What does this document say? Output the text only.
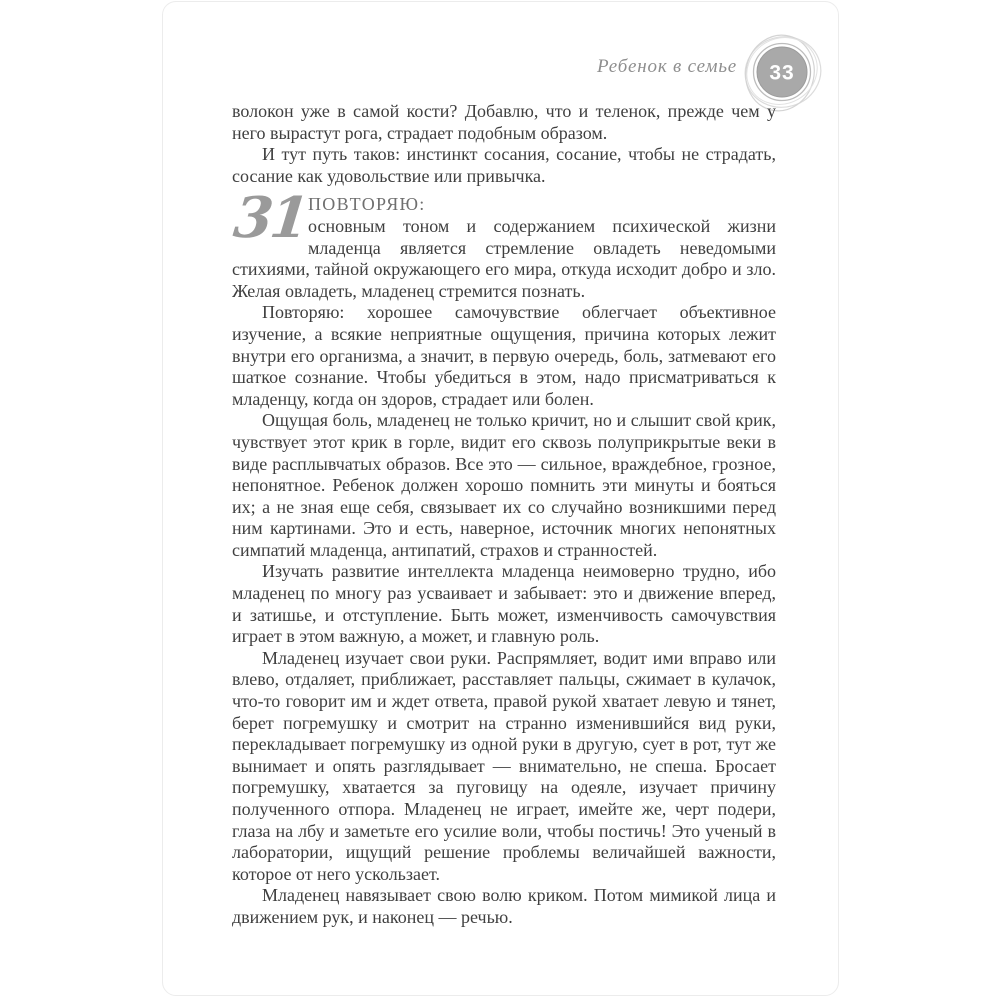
Ребенок в семье 33

волокон уже в самой кости? Добавлю, что и теленок, прежде чем у него вырастут рога, страдает подобным образом.

И тут путь таков: инстинкт сосания, сосание, чтобы не страдать, сосание как удовольствие или привычка.

31

ПОВТОРЯЮ:

основным тоном и содержанием психической жизни младенца является стремление овладеть неведомыми стихиями, тайной окружающего его мира, откуда исходит добро и зло. Желая овладеть, младенец стремится познать.

Повторяю: хорошее самочувствие облегчает объективное изучение, а всякие неприятные ощущения, причина которых лежит внутри его организма, а значит, в первую очередь, боль, затмевают его шаткое сознание. Чтобы убедиться в этом, надо присматриваться к младенцу, когда он здоров, страдает или болен.

Ощущая боль, младенец не только кричит, но и слышит свой крик, чувствует этот крик в горле, видит его сквозь полуприкрытые веки в виде расплывчатых образов. Все это — сильное, враждебное, грозное, непонятное. Ребенок должен хорошо помнить эти минуты и бояться их; а не зная еще себя, связывает их со случайно возникшими перед ним картинами. Это и есть, наверное, источник многих непонятных симпатий младенца, антипатий, страхов и странностей.

Изучать развитие интеллекта младенца неимоверно трудно, ибо младенец по многу раз усваивает и забывает: это и движение вперед, и затишье, и отступление. Быть может, изменчивость самочувствия играет в этом важную, а может, и главную роль.

Младенец изучает свои руки. Распрямляет, водит ими вправо или влево, отдаляет, приближает, расставляет пальцы, сжимает в кулачок, что-то говорит им и ждет ответа, правой рукой хватает левую и тянет, берет погремушку и смотрит на странно изменившийся вид руки, перекладывает погремушку из одной руки в другую, сует в рот, тут же вынимает и опять разглядывает — внимательно, не спеша. Бросает погремушку, хватается за пуговицу на одеяле, изучает причину полученного отпора. Младенец не играет, имейте же, черт подери, глаза на лбу и заметьте его усилие воли, чтобы постичь! Это ученый в лаборатории, ищущий решение проблемы величайшей важности, которое от него ускользает.

Младенец навязывает свою волю криком. Потом мимикой лица и движением рук, и наконец — речью.
